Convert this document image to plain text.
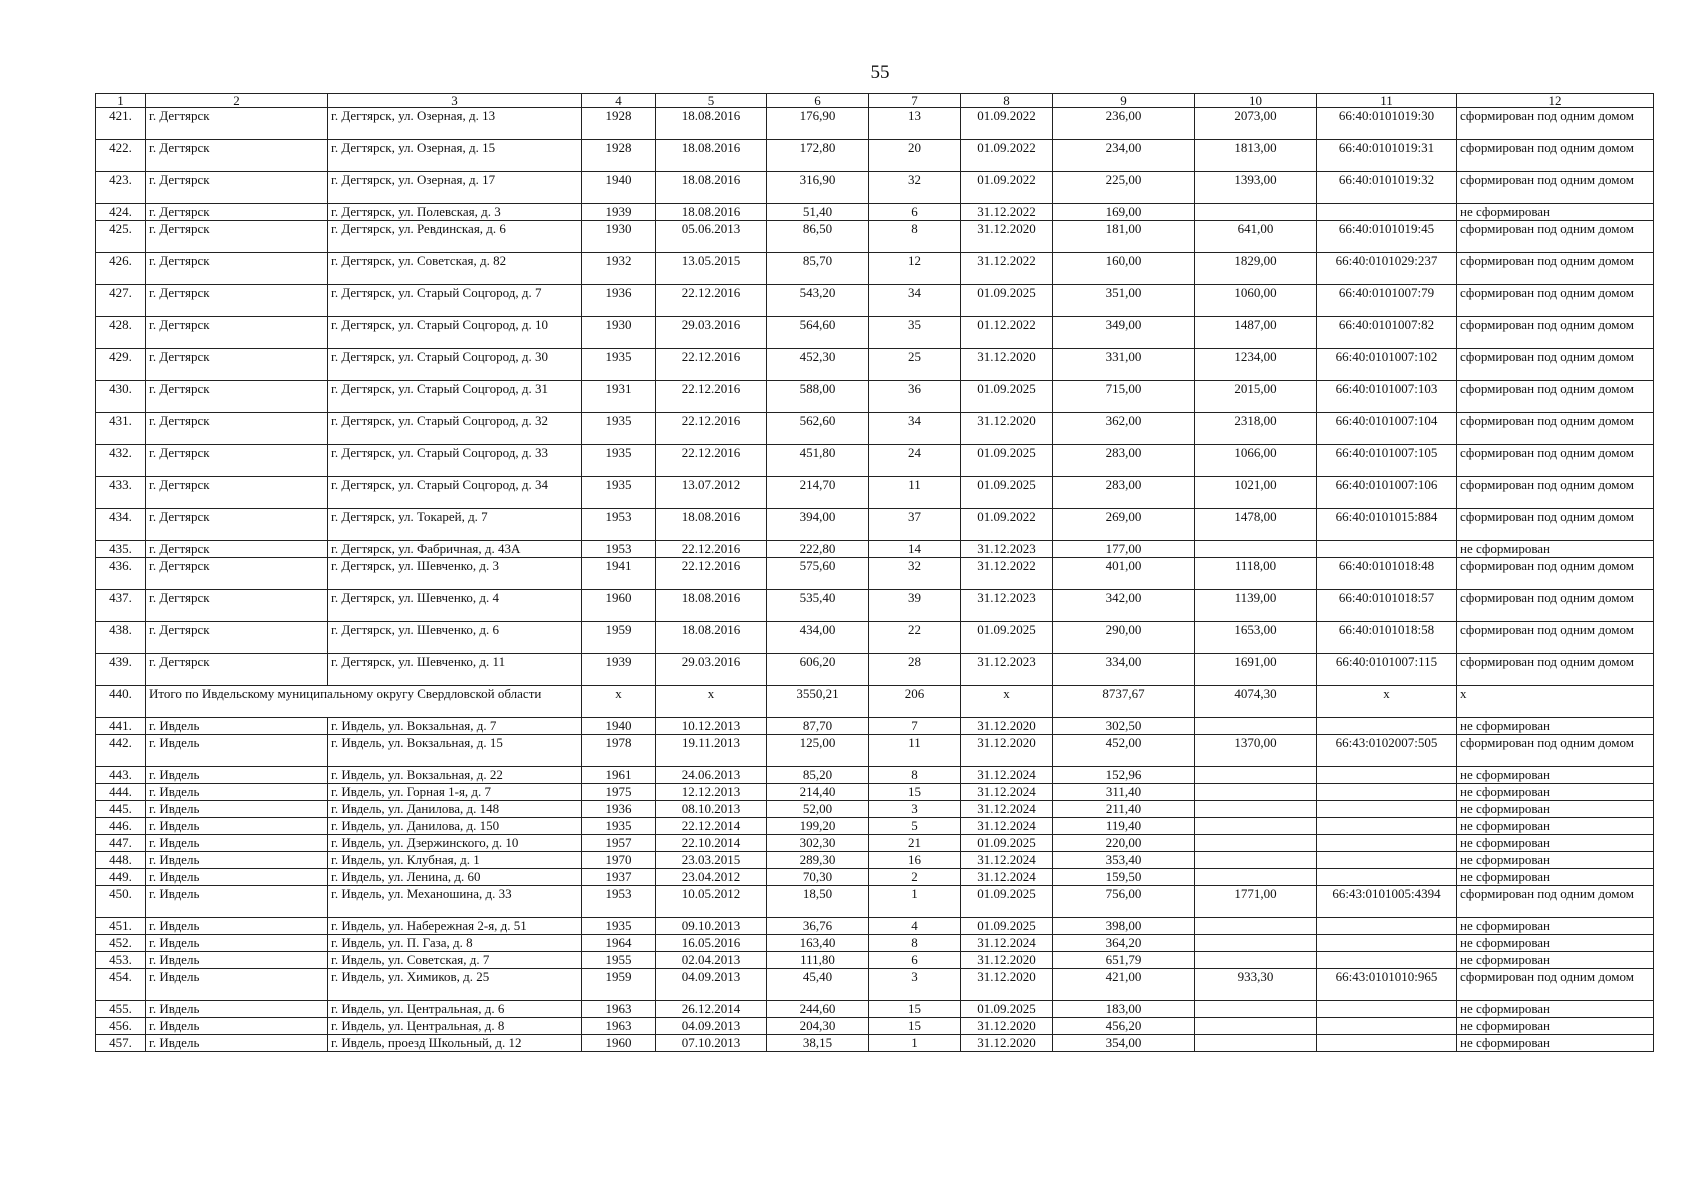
55
1	2	3	4	5	6	7	8	9	10	11	12
421.	г. Дегтярск	г. Дегтярск, ул. Озерная, д. 13	1928	18.08.2016	176,90	13	01.09.2022	236,00	2073,00	66:40:0101019:30	сформирован под одним домом
422.	г. Дегтярск	г. Дегтярск, ул. Озерная, д. 15	1928	18.08.2016	172,80	20	01.09.2022	234,00	1813,00	66:40:0101019:31	сформирован под одним домом
423.	г. Дегтярск	г. Дегтярск, ул. Озерная, д. 17	1940	18.08.2016	316,90	32	01.09.2022	225,00	1393,00	66:40:0101019:32	сформирован под одним домом
424.	г. Дегтярск	г. Дегтярск, ул. Полевская, д. 3	1939	18.08.2016	51,40	6	31.12.2022	169,00			не сформирован
425.	г. Дегтярск	г. Дегтярск, ул. Ревдинская, д. 6	1930	05.06.2013	86,50	8	31.12.2020	181,00	641,00	66:40:0101019:45	сформирован под одним домом
426.	г. Дегтярск	г. Дегтярск, ул. Советская, д. 82	1932	13.05.2015	85,70	12	31.12.2022	160,00	1829,00	66:40:0101029:237	сформирован под одним домом
427.	г. Дегтярск	г. Дегтярск, ул. Старый Соцгород, д. 7	1936	22.12.2016	543,20	34	01.09.2025	351,00	1060,00	66:40:0101007:79	сформирован под одним домом
428.	г. Дегтярск	г. Дегтярск, ул. Старый Соцгород, д. 10	1930	29.03.2016	564,60	35	01.12.2022	349,00	1487,00	66:40:0101007:82	сформирован под одним домом
429.	г. Дегтярск	г. Дегтярск, ул. Старый Соцгород, д. 30	1935	22.12.2016	452,30	25	31.12.2020	331,00	1234,00	66:40:0101007:102	сформирован под одним домом
430.	г. Дегтярск	г. Дегтярск, ул. Старый Соцгород, д. 31	1931	22.12.2016	588,00	36	01.09.2025	715,00	2015,00	66:40:0101007:103	сформирован под одним домом
431.	г. Дегтярск	г. Дегтярск, ул. Старый Соцгород, д. 32	1935	22.12.2016	562,60	34	31.12.2020	362,00	2318,00	66:40:0101007:104	сформирован под одним домом
432.	г. Дегтярск	г. Дегтярск, ул. Старый Соцгород, д. 33	1935	22.12.2016	451,80	24	01.09.2025	283,00	1066,00	66:40:0101007:105	сформирован под одним домом
433.	г. Дегтярск	г. Дегтярск, ул. Старый Соцгород, д. 34	1935	13.07.2012	214,70	11	01.09.2025	283,00	1021,00	66:40:0101007:106	сформирован под одним домом
434.	г. Дегтярск	г. Дегтярск, ул. Токарей, д. 7	1953	18.08.2016	394,00	37	01.09.2022	269,00	1478,00	66:40:0101015:884	сформирован под одним домом
435.	г. Дегтярск	г. Дегтярск, ул. Фабричная, д. 43А	1953	22.12.2016	222,80	14	31.12.2023	177,00			не сформирован
436.	г. Дегтярск	г. Дегтярск, ул. Шевченко, д. 3	1941	22.12.2016	575,60	32	31.12.2022	401,00	1118,00	66:40:0101018:48	сформирован под одним домом
437.	г. Дегтярск	г. Дегтярск, ул. Шевченко, д. 4	1960	18.08.2016	535,40	39	31.12.2023	342,00	1139,00	66:40:0101018:57	сформирован под одним домом
438.	г. Дегтярск	г. Дегтярск, ул. Шевченко, д. 6	1959	18.08.2016	434,00	22	01.09.2025	290,00	1653,00	66:40:0101018:58	сформирован под одним домом
439.	г. Дегтярск	г. Дегтярск, ул. Шевченко, д. 11	1939	29.03.2016	606,20	28	31.12.2023	334,00	1691,00	66:40:0101007:115	сформирован под одним домом
440.	Итого по Ивдельскому муниципальному округу Свердловской области		x	x	3550,21	206	x	8737,67	4074,30	x	x
441.	г. Ивдель	г. Ивдель, ул. Вокзальная, д. 7	1940	10.12.2013	87,70	7	31.12.2020	302,50			не сформирован
442.	г. Ивдель	г. Ивдель, ул. Вокзальная, д. 15	1978	19.11.2013	125,00	11	31.12.2020	452,00	1370,00	66:43:0102007:505	сформирован под одним домом
443.	г. Ивдель	г. Ивдель, ул. Вокзальная, д. 22	1961	24.06.2013	85,20	8	31.12.2024	152,96			не сформирован
444.	г. Ивдель	г. Ивдель, ул. Горная 1-я, д. 7	1975	12.12.2013	214,40	15	31.12.2024	311,40			не сформирован
445.	г. Ивдель	г. Ивдель, ул. Данилова, д. 148	1936	08.10.2013	52,00	3	31.12.2024	211,40			не сформирован
446.	г. Ивдель	г. Ивдель, ул. Данилова, д. 150	1935	22.12.2014	199,20	5	31.12.2024	119,40			не сформирован
447.	г. Ивдель	г. Ивдель, ул. Дзержинского, д. 10	1957	22.10.2014	302,30	21	01.09.2025	220,00			не сформирован
448.	г. Ивдель	г. Ивдель, ул. Клубная, д. 1	1970	23.03.2015	289,30	16	31.12.2024	353,40			не сформирован
449.	г. Ивдель	г. Ивдель, ул. Ленина, д. 60	1937	23.04.2012	70,30	2	31.12.2024	159,50			не сформирован
450.	г. Ивдель	г. Ивдель, ул. Механошина, д. 33	1953	10.05.2012	18,50	1	01.09.2025	756,00	1771,00	66:43:0101005:4394	сформирован под одним домом
451.	г. Ивдель	г. Ивдель, ул. Набережная 2-я, д. 51	1935	09.10.2013	36,76	4	01.09.2025	398,00			не сформирован
452.	г. Ивдель	г. Ивдель, ул. П. Газа, д. 8	1964	16.05.2016	163,40	8	31.12.2024	364,20			не сформирован
453.	г. Ивдель	г. Ивдель, ул. Советская, д. 7	1955	02.04.2013	111,80	6	31.12.2020	651,79			не сформирован
454.	г. Ивдель	г. Ивдель, ул. Химиков, д. 25	1959	04.09.2013	45,40	3	31.12.2020	421,00	933,30	66:43:0101010:965	сформирован под одним домом
455.	г. Ивдель	г. Ивдель, ул. Центральная, д. 6	1963	26.12.2014	244,60	15	01.09.2025	183,00			не сформирован
456.	г. Ивдель	г. Ивдель, ул. Центральная, д. 8	1963	04.09.2013	204,30	15	31.12.2020	456,20			не сформирован
457.	г. Ивдель	г. Ивдель, проезд Школьный, д. 12	1960	07.10.2013	38,15	1	31.12.2020	354,00			не сформирован
